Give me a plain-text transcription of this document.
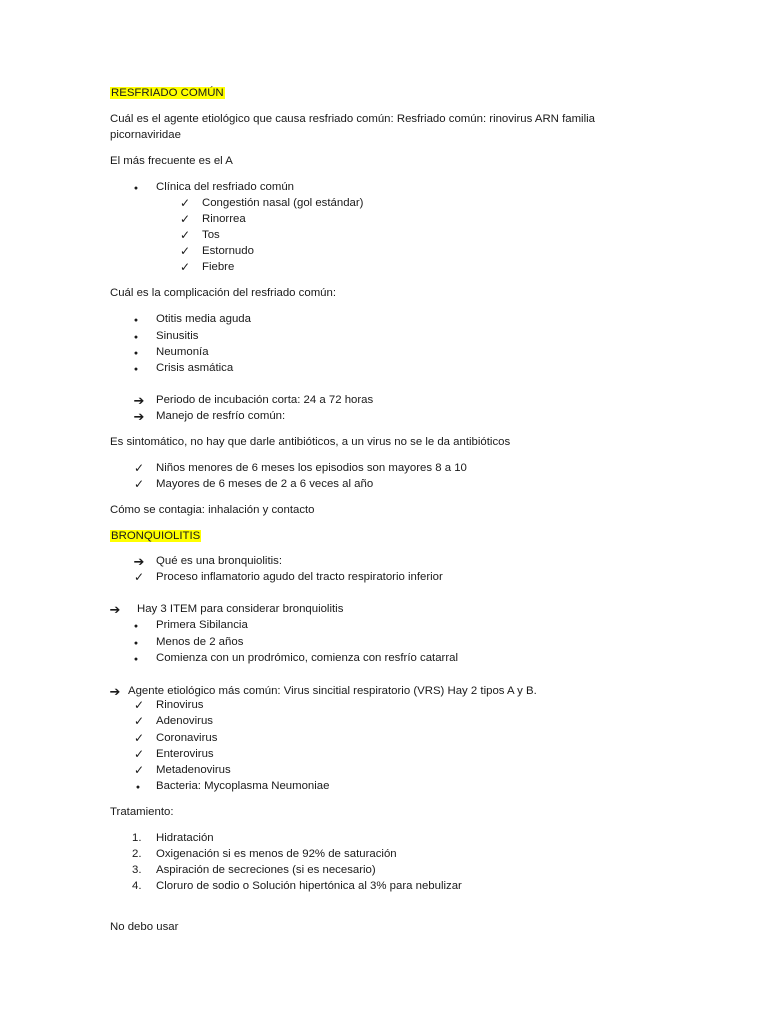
RESFRIADO COMÚN
Cuál es el agente etiológico que causa resfriado común: Resfriado común: rinovirus ARN familia
picornaviridae
El más frecuente es el A
●
Clínica del resfriado común
✓ Congestión nasal (gol estándar)
✓ Rinorrea
✓ Tos
✓ Estornudo
✓ Fiebre
Cuál es la complicación del resfriado común:
●
Otitis media aguda
●
Sinusitis
●
Neumonía
●
Crisis asmática
➔ Periodo de incubación corta: 24 a 72 horas
➔ Manejo de resfrío común:
Es sintomático, no hay que darle antibióticos, a un virus no se le da antibióticos
✓ Niños menores de 6 meses los episodios son mayores 8 a 10
✓ Mayores de 6 meses de 2 a 6 veces al año
Cómo se contagia: inhalación y contacto
BRONQUIOLITIS
➔ Qué es una bronquiolitis:
✓ Proceso inflamatorio agudo del tracto respiratorio inferior
➔ Hay 3 ITEM para considerar bronquiolitis
●
Primera Sibilancia
●
Menos de 2 años
●
Comienza con un prodrómico, comienza con resfrío catarral
➔ Agente etiológico más común: Virus sincitial respiratorio (VRS) Hay 2 tipos A y B.
✓ Rinovirus
✓ Adenovirus
✓ Coronavirus
✓ Enterovirus
✓ Metadenovirus
●
Bacteria: Mycoplasma Neumoniae
Tratamiento:
1. Hidratación
2. Oxigenación si es menos de 92% de saturación
3. Aspiración de secreciones (si es necesario)
4. Cloruro de sodio o Solución hipertónica al 3% para nebulizar
No debo usar
